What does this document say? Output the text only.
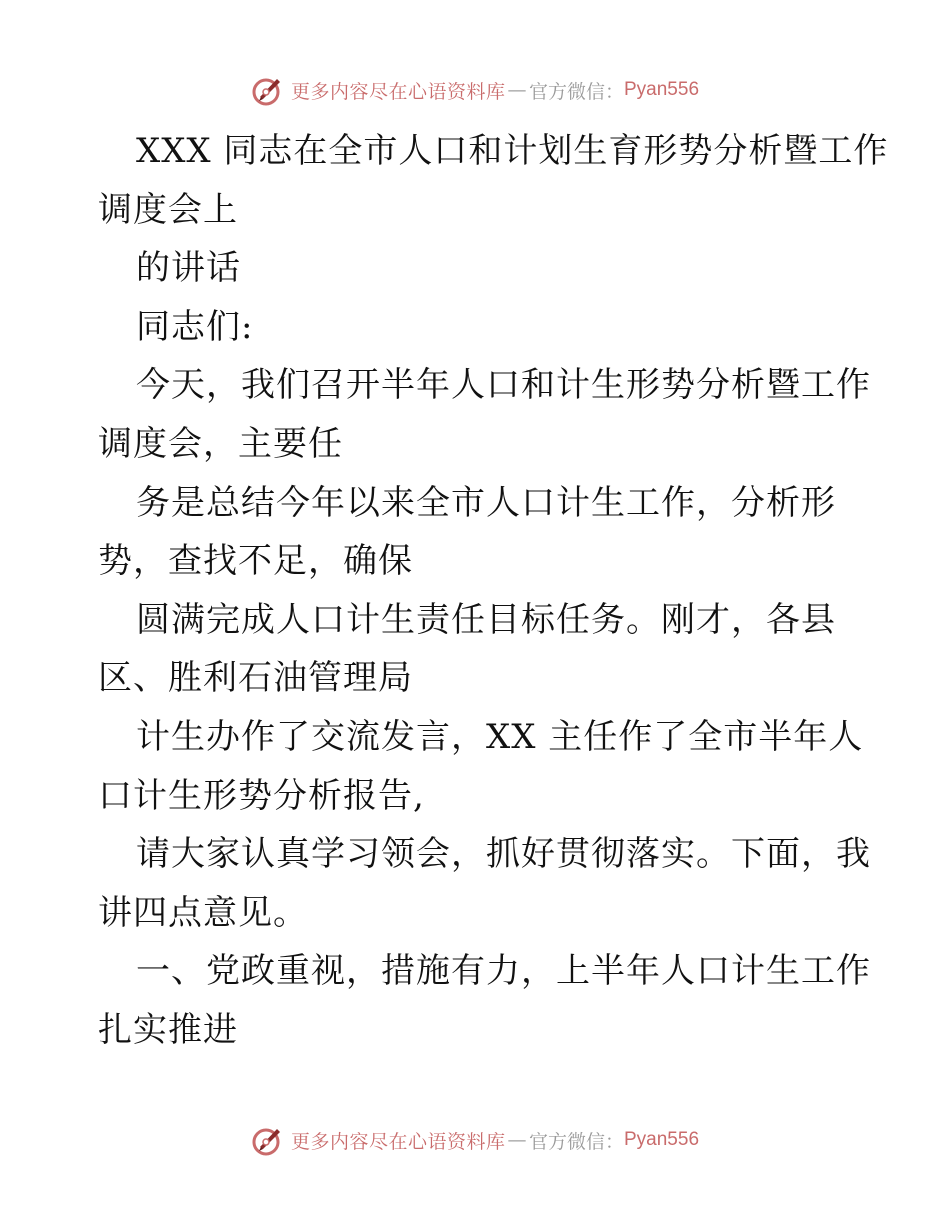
更多内容尽在心语资料库 — 官方微信： Pyan556
XXX 同志在全市人口和计划生育形势分析暨工作
调度会上
的讲话
同志们:
今天，我们召开半年人口和计生形势分析暨工作
调度会，主要任
务是总结今年以来全市人口计生工作，分析形
势，查找不足，确保
圆满完成人口计生责任目标任务。刚才，各县
区、胜利石油管理局
计生办作了交流发言，XX 主任作了全市半年人
口计生形势分析报告,
请大家认真学习领会，抓好贯彻落实。下面，我
讲四点意见。
一、党政重视，措施有力，上半年人口计生工作
扎实推进
更多内容尽在心语资料库 — 官方微信： Pyan556
